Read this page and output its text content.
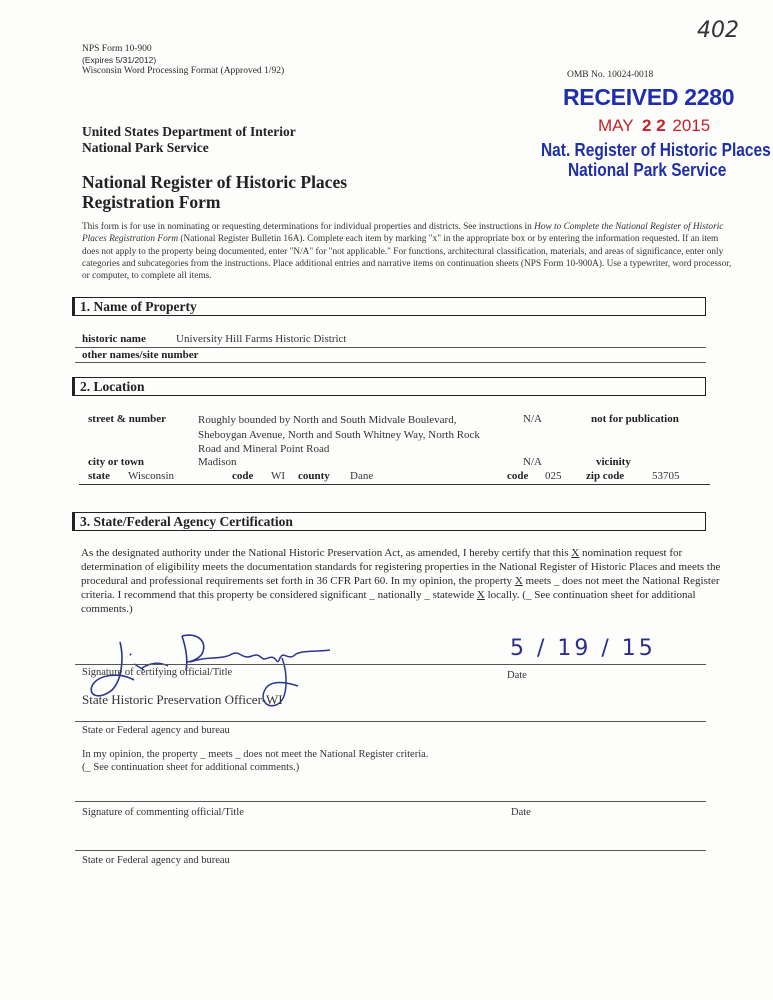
NPS Form 10-900
(Expires 5/31/2012)
Wisconsin Word Processing Format (Approved 1/92)
402
OMB No. 10024-0018
RECEIVED 2280
MAY 2 2 2015
Nat. Register of Historic Places
National Park Service
United States Department of Interior
National Park Service
National Register of Historic Places
Registration Form
This form is for use in nominating or requesting determinations for individual properties and districts. See instructions in How to Complete the National Register of Historic Places Registration Form (National Register Bulletin 16A). Complete each item by marking "x" in the appropriate box or by entering the information requested. If an item does not apply to the property being documented, enter "N/A" for "not applicable." For functions, architectural classification, materials, and areas of significance, enter only categories and subcategories from the instructions. Place additional entries and narrative items on continuation sheets (NPS Form 10-900A). Use a typewriter, word processor, or computer, to complete all items.
1. Name of Property
historic name	University Hill Farms Historic District
other names/site number
2. Location
street & number	Roughly bounded by North and South Midvale Boulevard,
Sheboygan Avenue, North and South Whitney Way, North Rock
Road and Mineral Point Road
N/A	not for publication
city or town	Madison	N/A	vicinity
state Wisconsin	code WI county Dane	code 025 zip code	53705
3. State/Federal Agency Certification
As the designated authority under the National Historic Preservation Act, as amended, I hereby certify that this X nomination request for determination of eligibility meets the documentation standards for registering properties in the National Register of Historic Places and meets the procedural and professional requirements set forth in 36 CFR Part 60. In my opinion, the property X meets _ does not meet the National Register criteria. I recommend that this property be considered significant _ nationally _ statewide X locally. (_ See continuation sheet for additional comments.)
5 / 19 / 15
Signature of certifying official/Title	Date
State Historic Preservation Officer-WI
State or Federal agency and bureau
In my opinion, the property _ meets _ does not meet the National Register criteria.
(_ See continuation sheet for additional comments.)
Signature of commenting official/Title	Date
State or Federal agency and bureau
